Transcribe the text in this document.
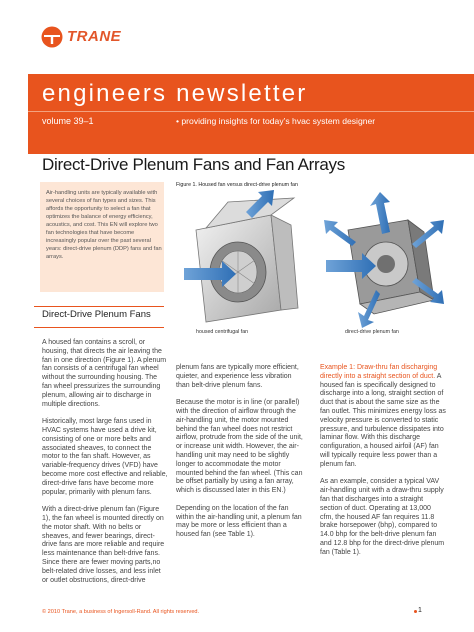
TRANE
engineers newsletter
volume 39–1	• providing insights for today’s hvac system designer
Direct-Drive Plenum Fans and Fan Arrays
Air-handling units are typically available with several choices of fan types and sizes. This affords the opportunity to select a fan that optimizes the balance of energy efficiency, acoustics, and cost. This EN will explore two fan technologies that have become increasingly popular over the past several years: direct-drive plenum (DDP) fans and fan arrays.
Figure 1. Housed fan versus direct-drive plenum fan
housed centrifugal fan	direct-drive plenum fan
Direct-Drive Plenum Fans

A housed fan contains a scroll, or housing, that directs the air leaving the fan in one direction (Figure 1). A plenum fan consists of a centrifugal fan wheel without the surrounding housing. The fan wheel pressurizes the surrounding plenum, allowing air to discharge in multiple directions.

Historically, most large fans used in HVAC systems have used a drive kit, consisting of one or more belts and associated sheaves, to connect the motor to the fan shaft. However, as variable-frequency drives (VFD) have become more cost effective and reliable, direct-drive fans have become more popular, primarily with plenum fans.

With a direct-drive plenum fan (Figure 1), the fan wheel is mounted directly on the motor shaft. With no belts or sheaves, and fewer bearings, direct-drive fans are more reliable and require less maintenance than belt-drive fans. Since there are fewer moving parts,no belt-related drive losses, and less inlet or outlet obstructions, direct-drive

plenum fans are typically more efficient, quieter, and experience less vibration than belt-drive plenum fans.

Because the motor is in line (or parallel) with the direction of airflow through the air-handling unit, the motor mounted behind the fan wheel does not restrict airflow, protrude from the side of the unit, or increase unit width. However, the air-handling unit may need to be slightly longer to accommodate the motor mounted behind the fan wheel. (This can be offset partially by using a fan array, which is discussed later in this EN.)

Depending on the location of the fan within the air-handling unit, a plenum fan may be more or less efficient than a housed fan (see Table 1).

Example 1: Draw-thru fan discharging directly into a straight section of duct. A housed fan is specifically designed to discharge into a long, straight section of duct that is about the same size as the fan outlet. This minimizes energy loss as velocity pressure is converted to static pressure, and turbulence dissipates into laminar flow. With this discharge configuration, a housed airfoil (AF) fan will typically require less power than a plenum fan.

As an example, consider a typical VAV air-handling unit with a draw-thru supply fan that discharges into a straight section of duct. Operating at 13,000 cfm, the housed AF fan requires 11.8 brake horsepower (bhp), compared to 14.0 bhp for the belt-drive plenum fan and 12.8 bhp for the direct-drive plenum fan (Table 1).

© 2010 Trane, a business of Ingersoll-Rand. All rights reserved.	1
